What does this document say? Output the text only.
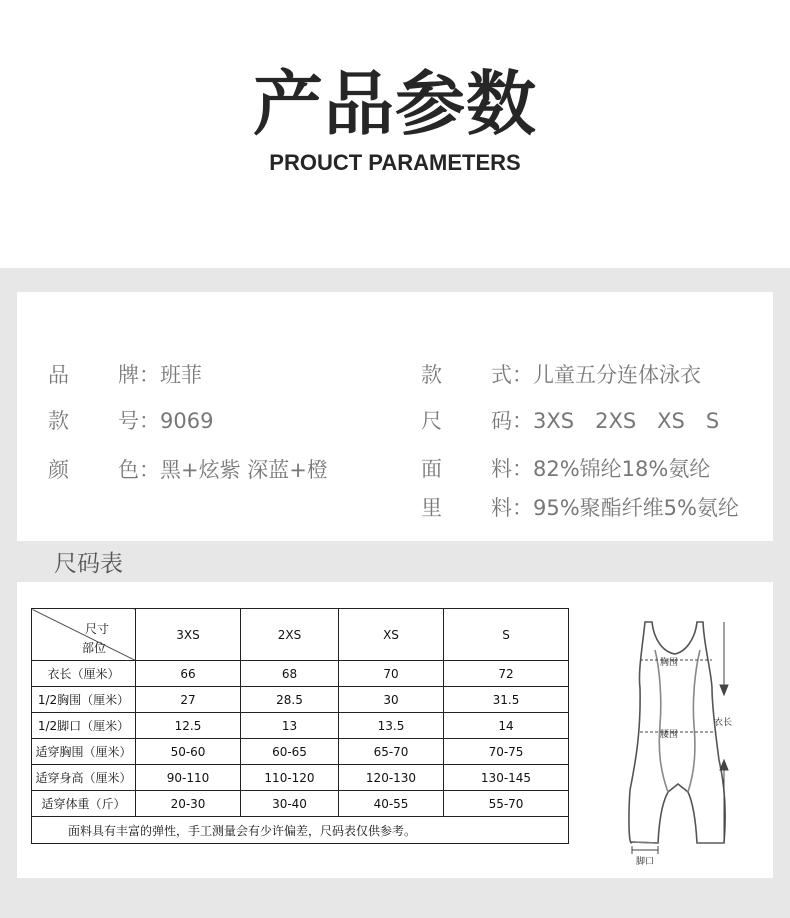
产品参数
PROUCT PARAMETERS
品 牌：班菲	款 式：儿童五分连体泳衣
款 号：9069	尺 码：3XS　2XS　XS　S
颜 色：黑+炫紫 深蓝+橙	面 料：82%锦纶18%氨纶
里 料：95%聚酯纤维5%氨纶
尺码表
尺寸
部位	3XS	2XS	XS	S
衣长（厘米）	66	68	70	72
1/2胸围（厘米）	27	28.5	30	31.5
1/2脚口（厘米）	12.5	13	13.5	14
适穿胸围（厘米）	50-60	60-65	65-70	70-75
适穿身高（厘米）	90-110	110-120	120-130	130-145
适穿体重（斤）	20-30	30-40	40-55	55-70
面料具有丰富的弹性，手工测量会有少许偏差，尺码表仅供参考。				
胸围
腰围
衣长
脚口
